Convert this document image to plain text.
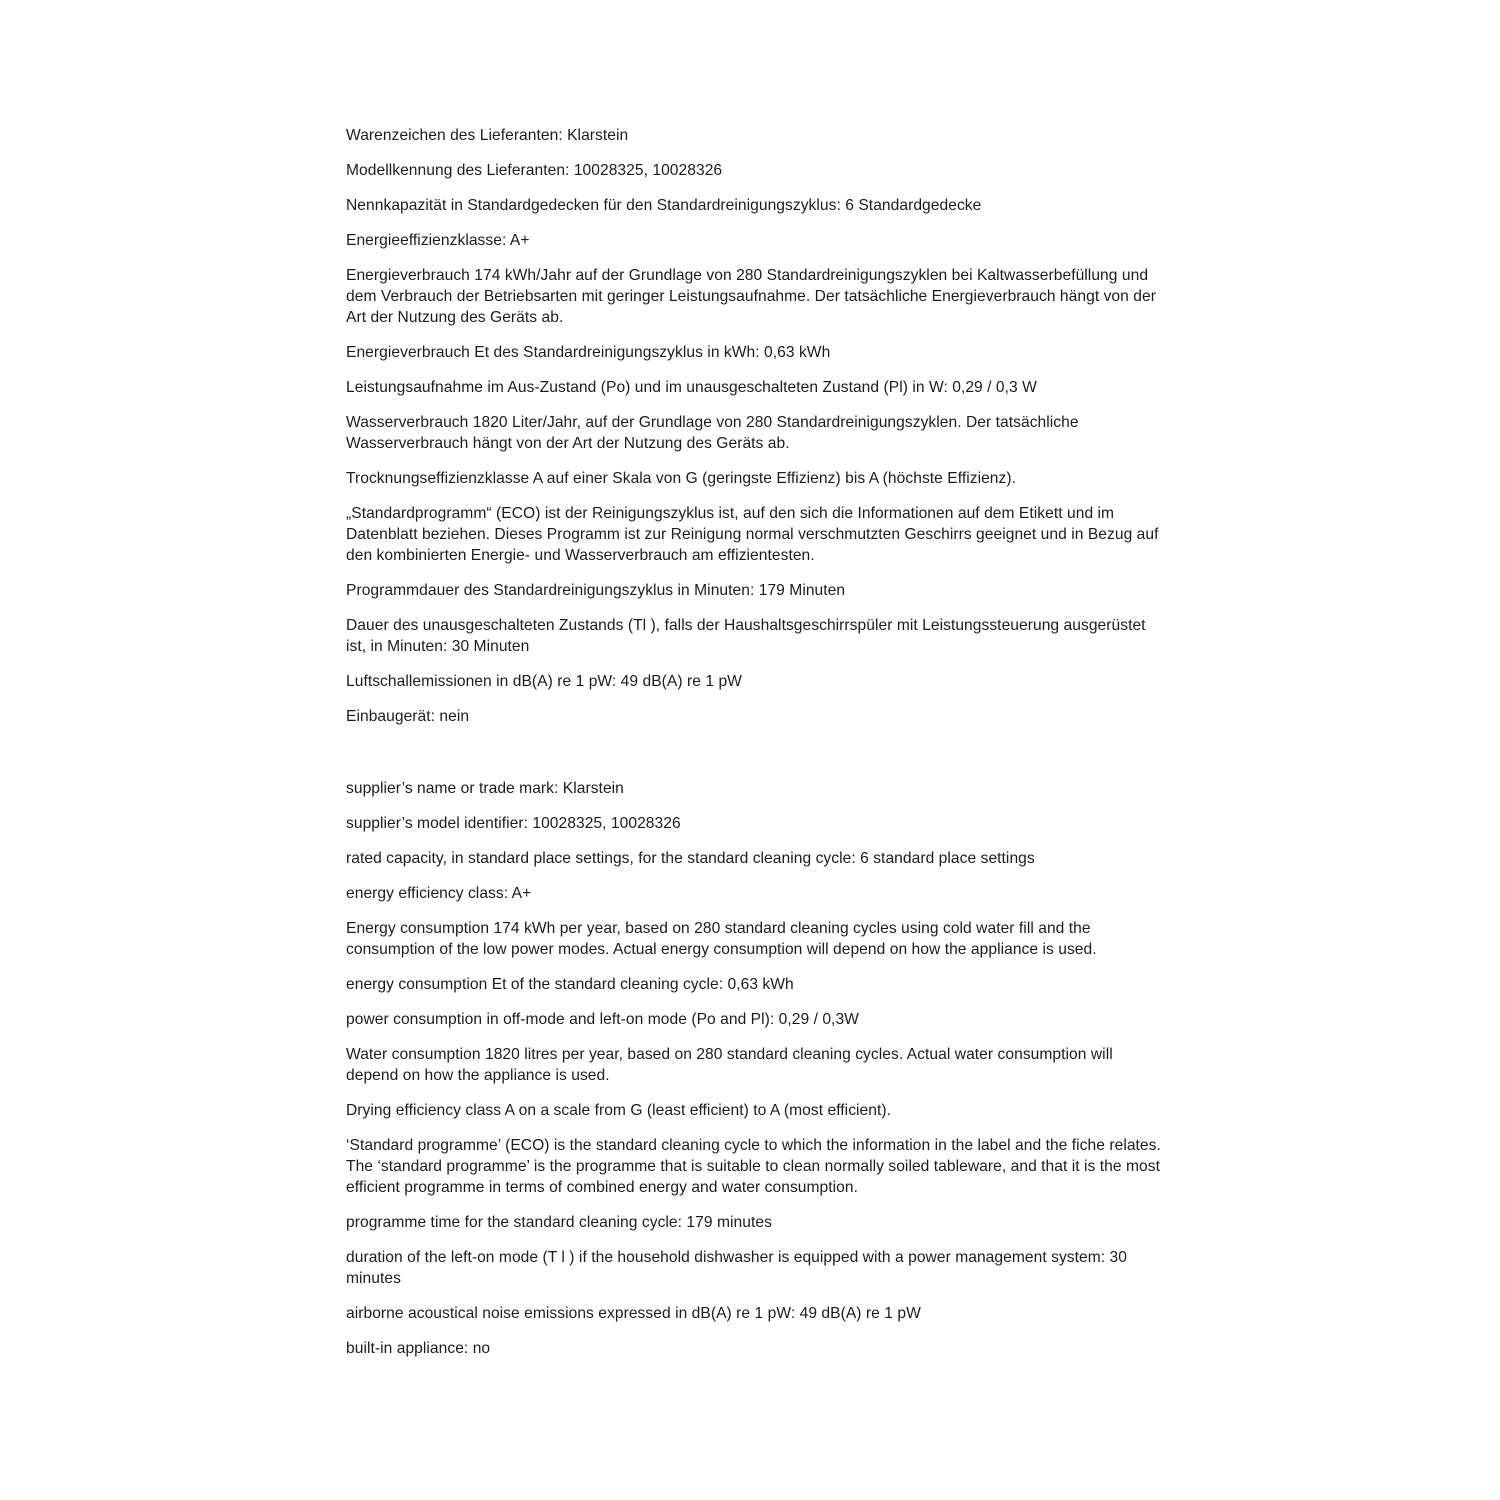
Warenzeichen des Lieferanten: Klarstein

Modellkennung des Lieferanten: 10028325, 10028326

Nennkapazität in Standardgedecken für den Standardreinigungszyklus: 6 Standardgedecke

Energieeffizienzklasse: A+

Energieverbrauch 174 kWh/Jahr auf der Grundlage von 280 Standardreinigungszyklen bei Kaltwasserbefüllung und dem Verbrauch der Betriebsarten mit geringer Leistungsaufnahme. Der tatsächliche Energieverbrauch hängt von der Art der Nutzung des Geräts ab.

Energieverbrauch Et des Standardreinigungszyklus in kWh: 0,63 kWh

Leistungsaufnahme im Aus-Zustand (Po) und im unausgeschalteten Zustand (Pl) in W: 0,29 / 0,3 W

Wasserverbrauch 1820 Liter/Jahr, auf der Grundlage von 280 Standardreinigungszyklen. Der tatsächliche Wasserverbrauch hängt von der Art der Nutzung des Geräts ab.

Trocknungseffizienzklasse A auf einer Skala von G (geringste Effizienz) bis A (höchste Effizienz).

„Standardprogramm“ (ECO) ist der Reinigungszyklus ist, auf den sich die Informationen auf dem Etikett und im Datenblatt beziehen. Dieses Programm ist zur Reinigung normal verschmutzten Geschirrs geeignet und in Bezug auf den kombinierten Energie- und Wasserverbrauch am effizientesten.

Programmdauer des Standardreinigungszyklus in Minuten: 179 Minuten

Dauer des unausgeschalteten Zustands (Tl ), falls der Haushaltsgeschirrspüler mit Leistungssteuerung ausgerüstet ist, in Minuten: 30 Minuten

Luftschallemissionen in dB(A) re 1 pW: 49 dB(A) re 1 pW

Einbaugerät: nein

supplier’s name or trade mark: Klarstein

supplier’s model identifier: 10028325, 10028326

rated capacity, in standard place settings, for the standard cleaning cycle: 6 standard place settings

energy efficiency class: A+

Energy consumption 174 kWh per year, based on 280 standard cleaning cycles using cold water fill and the consumption of the low power modes. Actual energy consumption will depend on how the appliance is used.

energy consumption Et of the standard cleaning cycle: 0,63 kWh

power consumption in off-mode and left-on mode (Po and Pl): 0,29 / 0,3W

Water consumption 1820 litres per year, based on 280 standard cleaning cycles. Actual water consumption will depend on how the appliance is used.

Drying efficiency class A on a scale from G (least efficient) to A (most efficient).

‘Standard programme’ (ECO) is the standard cleaning cycle to which the information in the label and the fiche relates. The ‘standard programme’ is the programme that is suitable to clean normally soiled tableware, and that it is the most efficient programme in terms of combined energy and water consumption.

programme time for the standard cleaning cycle: 179 minutes

duration of the left-on mode (T l ) if the household dishwasher is equipped with a power management system: 30 minutes

airborne acoustical noise emissions expressed in dB(A) re 1 pW: 49 dB(A) re 1 pW

built-in appliance: no
